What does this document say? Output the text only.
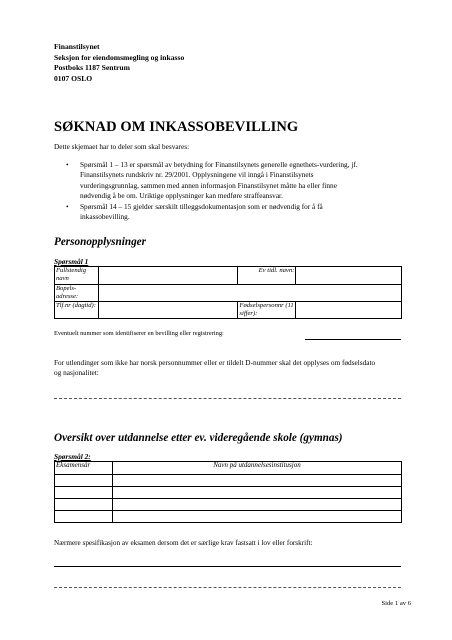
Finanstilsynet
Seksjon for eiendomsmegling og inkasso
Postboks 1187 Sentrum
0107 OSLO
SØKNAD OM INKASSOBEVILLING
Dette skjemaet har to deler som skal besvares:
• Spørsmål 1 – 13 er spørsmål av betydning for Finanstilsynets generelle egnethets-vurdering, jf. Finanstilsynets rundskriv nr. 29/2001. Opplysningene vil inngå i Finanstilsynets vurderingsgrunnlag, sammen med annen informasjon Finanstilsynet måtte ha eller finne nødvendig å be om. Uriktige opplysninger kan medføre straffeansvar.
• Spørsmål 14 – 15 gjelder særskilt tilleggsdokumentasjon som er nødvendig for å få inkassobevilling.
Personopplysninger
Spørsmål 1
Fullstendig navn		Ev tidl. navn:	
Bopels-adresse:			
Tlf.nr (dagtid):		Fødselspersonnr (11 siffer):	
Eventuelt nummer som identifiserer en bevilling eller registrering:
For utlendinger som ikke har norsk personnummer eller er tildelt D-nummer skal det opplyses om fødselsdato og nasjonalitet:
Oversikt over utdannelse etter ev. videregående skole (gymnas)
Spørsmål 2:
Eksamensår	Navn på utdannelsesinstitusjon

Nærmere spesifikasjon av eksamen dersom det er særlige krav fastsatt i lov eller forskrift:
Side 1 av 6
